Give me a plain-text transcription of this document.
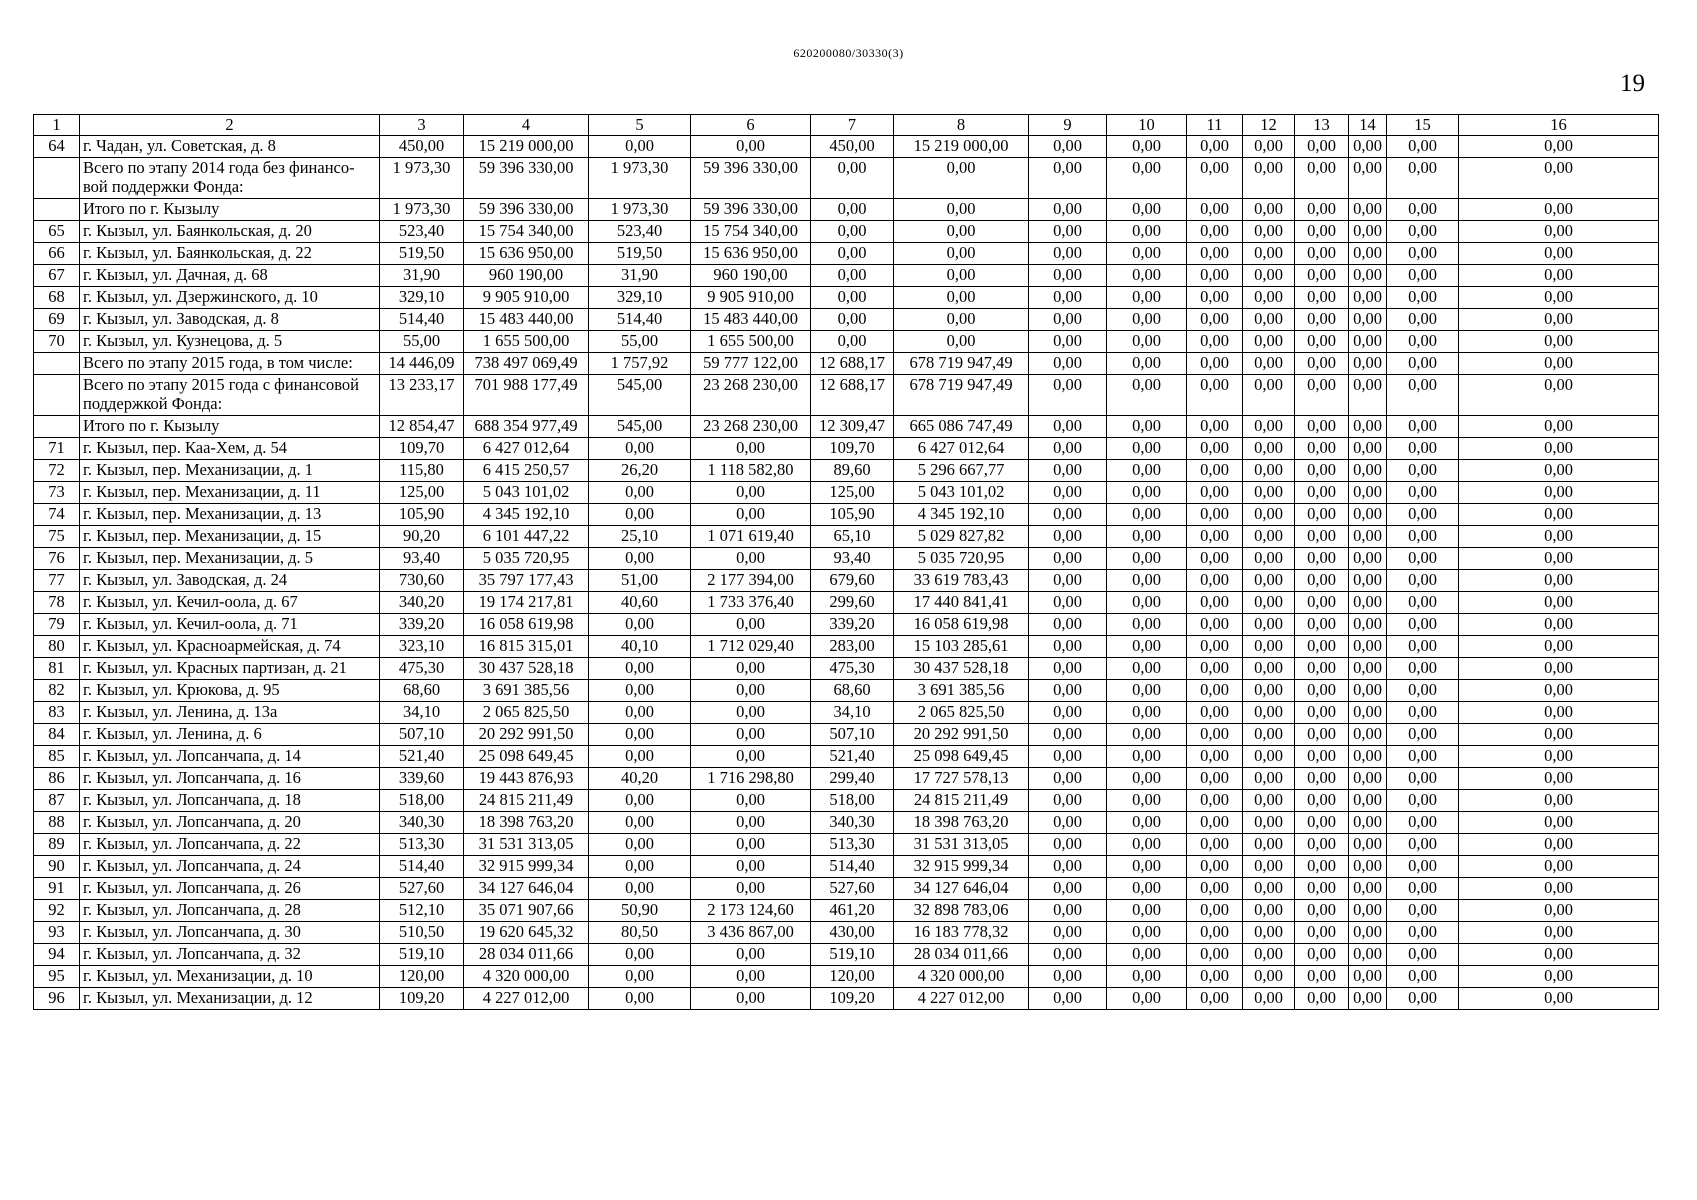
620200080/30330(3)
19
1	2	3	4	5	6	7	8	9	10	11	12	13	14	15	16
64	г. Чадан, ул. Советская, д. 8	450,00	15 219 000,00	0,00	0,00	450,00	15 219 000,00	0,00	0,00	0,00	0,00	0,00	0,00	0,00	0,00
	Всего по этапу 2014 года без финансо-вой поддержки Фонда:	1 973,30	59 396 330,00	1 973,30	59 396 330,00	0,00	0,00	0,00	0,00	0,00	0,00	0,00	0,00	0,00	0,00
	Итого по г. Кызылу	1 973,30	59 396 330,00	1 973,30	59 396 330,00	0,00	0,00	0,00	0,00	0,00	0,00	0,00	0,00	0,00	0,00
65	г. Кызыл, ул. Баянкольская, д. 20	523,40	15 754 340,00	523,40	15 754 340,00	0,00	0,00	0,00	0,00	0,00	0,00	0,00	0,00	0,00	0,00
66	г. Кызыл, ул. Баянкольская, д. 22	519,50	15 636 950,00	519,50	15 636 950,00	0,00	0,00	0,00	0,00	0,00	0,00	0,00	0,00	0,00	0,00
67	г. Кызыл, ул. Дачная, д. 68	31,90	960 190,00	31,90	960 190,00	0,00	0,00	0,00	0,00	0,00	0,00	0,00	0,00	0,00	0,00
68	г. Кызыл, ул. Дзержинского, д. 10	329,10	9 905 910,00	329,10	9 905 910,00	0,00	0,00	0,00	0,00	0,00	0,00	0,00	0,00	0,00	0,00
69	г. Кызыл, ул. Заводская, д. 8	514,40	15 483 440,00	514,40	15 483 440,00	0,00	0,00	0,00	0,00	0,00	0,00	0,00	0,00	0,00	0,00
70	г. Кызыл, ул. Кузнецова, д. 5	55,00	1 655 500,00	55,00	1 655 500,00	0,00	0,00	0,00	0,00	0,00	0,00	0,00	0,00	0,00	0,00
	Всего по этапу 2015 года, в том числе:	14 446,09	738 497 069,49	1 757,92	59 777 122,00	12 688,17	678 719 947,49	0,00	0,00	0,00	0,00	0,00	0,00	0,00	0,00
	Всего по этапу 2015 года с финансовой поддержкой Фонда:	13 233,17	701 988 177,49	545,00	23 268 230,00	12 688,17	678 719 947,49	0,00	0,00	0,00	0,00	0,00	0,00	0,00	0,00
	Итого по г. Кызылу	12 854,47	688 354 977,49	545,00	23 268 230,00	12 309,47	665 086 747,49	0,00	0,00	0,00	0,00	0,00	0,00	0,00	0,00
71	г. Кызыл, пер. Каа-Хем, д. 54	109,70	6 427 012,64	0,00	0,00	109,70	6 427 012,64	0,00	0,00	0,00	0,00	0,00	0,00	0,00	0,00
72	г. Кызыл, пер. Механизации, д. 1	115,80	6 415 250,57	26,20	1 118 582,80	89,60	5 296 667,77	0,00	0,00	0,00	0,00	0,00	0,00	0,00	0,00
73	г. Кызыл, пер. Механизации, д. 11	125,00	5 043 101,02	0,00	0,00	125,00	5 043 101,02	0,00	0,00	0,00	0,00	0,00	0,00	0,00	0,00
74	г. Кызыл, пер. Механизации, д. 13	105,90	4 345 192,10	0,00	0,00	105,90	4 345 192,10	0,00	0,00	0,00	0,00	0,00	0,00	0,00	0,00
75	г. Кызыл, пер. Механизации, д. 15	90,20	6 101 447,22	25,10	1 071 619,40	65,10	5 029 827,82	0,00	0,00	0,00	0,00	0,00	0,00	0,00	0,00
76	г. Кызыл, пер. Механизации, д. 5	93,40	5 035 720,95	0,00	0,00	93,40	5 035 720,95	0,00	0,00	0,00	0,00	0,00	0,00	0,00	0,00
77	г. Кызыл, ул. Заводская, д. 24	730,60	35 797 177,43	51,00	2 177 394,00	679,60	33 619 783,43	0,00	0,00	0,00	0,00	0,00	0,00	0,00	0,00
78	г. Кызыл, ул. Кечил-оола, д. 67	340,20	19 174 217,81	40,60	1 733 376,40	299,60	17 440 841,41	0,00	0,00	0,00	0,00	0,00	0,00	0,00	0,00
79	г. Кызыл, ул. Кечил-оола, д. 71	339,20	16 058 619,98	0,00	0,00	339,20	16 058 619,98	0,00	0,00	0,00	0,00	0,00	0,00	0,00	0,00
80	г. Кызыл, ул. Красноармейская, д. 74	323,10	16 815 315,01	40,10	1 712 029,40	283,00	15 103 285,61	0,00	0,00	0,00	0,00	0,00	0,00	0,00	0,00
81	г. Кызыл, ул. Красных партизан, д. 21	475,30	30 437 528,18	0,00	0,00	475,30	30 437 528,18	0,00	0,00	0,00	0,00	0,00	0,00	0,00	0,00
82	г. Кызыл, ул. Крюкова, д. 95	68,60	3 691 385,56	0,00	0,00	68,60	3 691 385,56	0,00	0,00	0,00	0,00	0,00	0,00	0,00	0,00
83	г. Кызыл, ул. Ленина, д. 13а	34,10	2 065 825,50	0,00	0,00	34,10	2 065 825,50	0,00	0,00	0,00	0,00	0,00	0,00	0,00	0,00
84	г. Кызыл, ул. Ленина, д. 6	507,10	20 292 991,50	0,00	0,00	507,10	20 292 991,50	0,00	0,00	0,00	0,00	0,00	0,00	0,00	0,00
85	г. Кызыл, ул. Лопсанчапа, д. 14	521,40	25 098 649,45	0,00	0,00	521,40	25 098 649,45	0,00	0,00	0,00	0,00	0,00	0,00	0,00	0,00
86	г. Кызыл, ул. Лопсанчапа, д. 16	339,60	19 443 876,93	40,20	1 716 298,80	299,40	17 727 578,13	0,00	0,00	0,00	0,00	0,00	0,00	0,00	0,00
87	г. Кызыл, ул. Лопсанчапа, д. 18	518,00	24 815 211,49	0,00	0,00	518,00	24 815 211,49	0,00	0,00	0,00	0,00	0,00	0,00	0,00	0,00
88	г. Кызыл, ул. Лопсанчапа, д. 20	340,30	18 398 763,20	0,00	0,00	340,30	18 398 763,20	0,00	0,00	0,00	0,00	0,00	0,00	0,00	0,00
89	г. Кызыл, ул. Лопсанчапа, д. 22	513,30	31 531 313,05	0,00	0,00	513,30	31 531 313,05	0,00	0,00	0,00	0,00	0,00	0,00	0,00	0,00
90	г. Кызыл, ул. Лопсанчапа, д. 24	514,40	32 915 999,34	0,00	0,00	514,40	32 915 999,34	0,00	0,00	0,00	0,00	0,00	0,00	0,00	0,00
91	г. Кызыл, ул. Лопсанчапа, д. 26	527,60	34 127 646,04	0,00	0,00	527,60	34 127 646,04	0,00	0,00	0,00	0,00	0,00	0,00	0,00	0,00
92	г. Кызыл, ул. Лопсанчапа, д. 28	512,10	35 071 907,66	50,90	2 173 124,60	461,20	32 898 783,06	0,00	0,00	0,00	0,00	0,00	0,00	0,00	0,00
93	г. Кызыл, ул. Лопсанчапа, д. 30	510,50	19 620 645,32	80,50	3 436 867,00	430,00	16 183 778,32	0,00	0,00	0,00	0,00	0,00	0,00	0,00	0,00
94	г. Кызыл, ул. Лопсанчапа, д. 32	519,10	28 034 011,66	0,00	0,00	519,10	28 034 011,66	0,00	0,00	0,00	0,00	0,00	0,00	0,00	0,00
95	г. Кызыл, ул. Механизации, д. 10	120,00	4 320 000,00	0,00	0,00	120,00	4 320 000,00	0,00	0,00	0,00	0,00	0,00	0,00	0,00	0,00
96	г. Кызыл, ул. Механизации, д. 12	109,20	4 227 012,00	0,00	0,00	109,20	4 227 012,00	0,00	0,00	0,00	0,00	0,00	0,00	0,00	0,00
